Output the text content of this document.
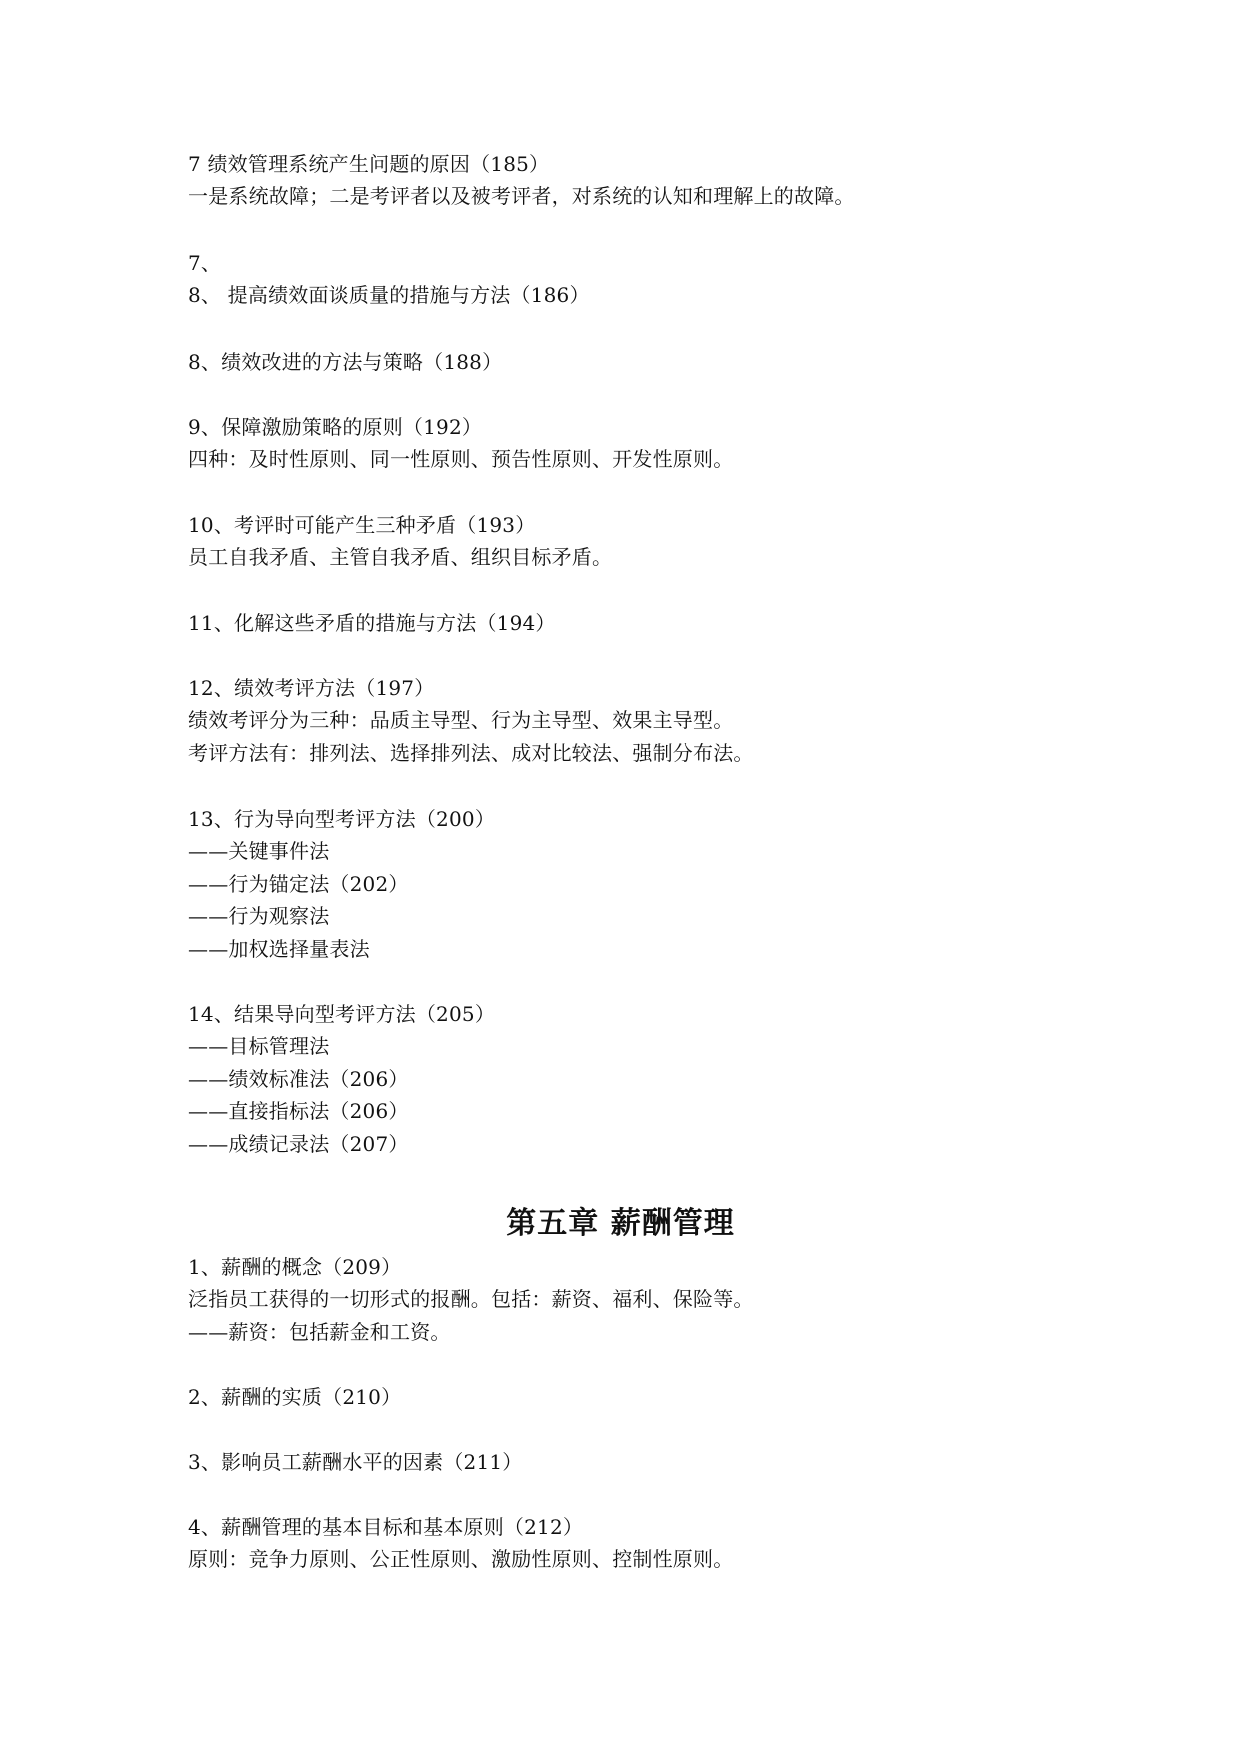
7 绩效管理系统产生问题的原因（185）
一是系统故障；二是考评者以及被考评者，对系统的认知和理解上的故障。
7、
8、 提高绩效面谈质量的措施与方法（186）
8、绩效改进的方法与策略（188）
9、保障激励策略的原则（192）
四种：及时性原则、同一性原则、预告性原则、开发性原则。
10、考评时可能产生三种矛盾（193）
员工自我矛盾、主管自我矛盾、组织目标矛盾。
11、化解这些矛盾的措施与方法（194）
12、绩效考评方法（197）
绩效考评分为三种：品质主导型、行为主导型、效果主导型。
考评方法有：排列法、选择排列法、成对比较法、强制分布法。
13、行为导向型考评方法（200）
——关键事件法
——行为锚定法（202）
——行为观察法
——加权选择量表法
14、结果导向型考评方法（205）
——目标管理法
——绩效标准法（206）
——直接指标法（206）
——成绩记录法（207）
第五章 薪酬管理
1、薪酬的概念（209）
泛指员工获得的一切形式的报酬。包括：薪资、福利、保险等。
——薪资：包括薪金和工资。
2、薪酬的实质（210）
3、影响员工薪酬水平的因素（211）
4、薪酬管理的基本目标和基本原则（212）
原则：竞争力原则、公正性原则、激励性原则、控制性原则。
